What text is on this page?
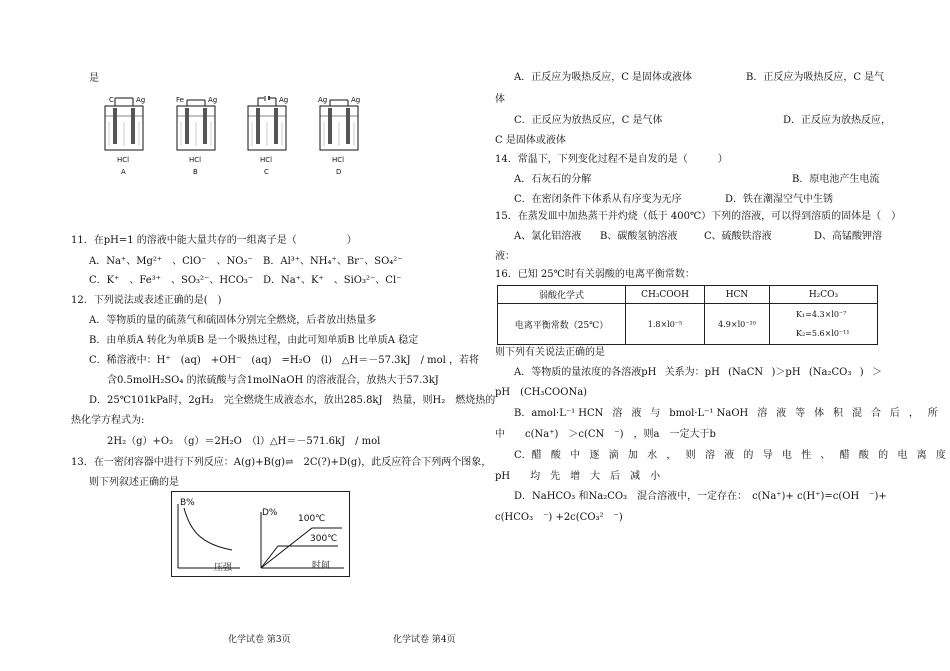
是
C	Ag
HCl
A
Fe	Ag
HCl
B
Ag
HCl
C
Ag	Ag
HCl
D
11．在pH=1 的溶液中能大量共存的一组离子是（　　　　　）
A．Na⁺、Mg²⁺　、ClO⁻　、NO₃⁻ B．Al³⁺、NH₄⁺、Br⁻、SO₄²⁻
C．K⁺　、Fe³⁺　、SO₃²⁻、HCO₃⁻ D．Na⁺、K⁺　、SiO₃²⁻、Cl⁻
12．下列说法或表述正确的是(　)
A．等物质的量的硫蒸气和硫固体分别完全燃烧，后者放出热量多
B．由单质A 转化为单质B 是一个吸热过程，由此可知单质B 比单质A 稳定
C．稀溶液中：H⁺　(aq)　+OH⁻　(aq)　=H₂O　(l)　△H＝－57.3kJ　/ mol ，若将
含0.5molH₂SO₄ 的浓硫酸与含1molNaOH 的溶液混合，放热大于57.3kJ
D．25℃101kPa时，2gH₂　完全燃烧生成液态水，放出285.8kJ　热量，则H₂　燃烧热的
热化学方程式为:
2H₂（g）+O₂　（g）＝2H₂O　（l）△H＝－571.6kJ　/ mol
13．在一密闭容器中进行下列反应：A(g)+B(g)⇌　2C(?)+D(g)，此反应符合下列两个图象，
则下列叙述正确的是
B%
压强
D%
100℃
300℃
时间
化学试卷 第3页
A．正反应为吸热反应，C 是固体或液体	B．正反应为吸热反应，C 是气
体
C．正反应为放热反应，C 是气体	D．正反应为放热反应，
C 是固体或液体
14．常温下，下列变化过程不是自发的是（　　　）
A．石灰石的分解	B．原电池产生电流
C．在密闭条件下体系从有序变为无序	D．铁在潮湿空气中生锈
15．在蒸发皿中加热蒸干并灼烧（低于 400℃）下列的溶液，可以得到溶质的固体是（　）
A、氯化铝溶液 B、碳酸氢钠溶液	C、硫酸铁溶液	D、高锰酸钾溶
液：
16．已知 25℃时有关弱酸的电离平衡常数：
弱酸化学式	CH₃COOH	HCN	H₂CO₃
电离平衡常数（25℃）	1.8×l0⁻⁵	4.9×l0⁻¹⁰	K₁=4.3×l0⁻⁷
K₂=5.6×l0⁻¹¹
则下列有关说法正确的是
A．等物质的量浓度的各溶液pH 关系为：pH (NaCN )＞pH (Na₂CO₃ ) ＞
pH　(CH₃COONa)
B．amol·L⁻¹ HCN 溶 液 与 bmol·L⁻¹ NaOH 溶 液 等 体 积 混 合 后 ， 所
中　　c(Na⁺)　＞c(CN　⁻)　，则a　一定大于b
C．醋 酸 中 逐 滴 加 水 ， 则 溶 液 的 导 电 性 、 醋 酸 的 电 离 度
pH　　均　先　增　大　后　减　小
D．NaHCO₃ 和Na₂CO₃　混合溶液中，一定存在：　c(Na⁺)+ c(H⁺)=c(OH　⁻)+
c(HCO₃　⁻) +2c(CO₃²　⁻)
化学试卷 第4页
